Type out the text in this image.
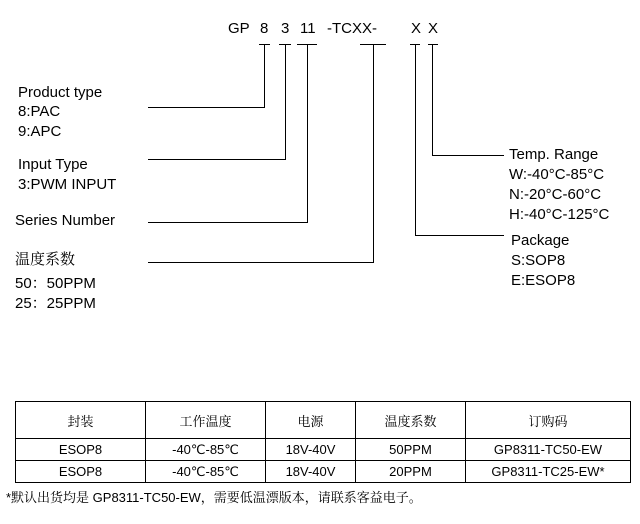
GP 8 3 11 -TCXX- X X
Product type
8:PAC
9:APC
Input Type
3:PWM INPUT
Series Number
温度系数
50：50PPM
25：25PPM
Temp. Range
W:-40°C-85°C
N:-20°C-60°C
H:-40°C-125°C
Package
S:SOP8
E:ESOP8
封装	工作温度	电源	温度系数	订购码
ESOP8	-40℃-85℃	18V-40V	50PPM	GP8311-TC50-EW
ESOP8	-40℃-85℃	18V-40V	20PPM	GP8311-TC25-EW*
*默认出货均是 GP8311-TC50-EW，需要低温漂版本，请联系客益电子。
